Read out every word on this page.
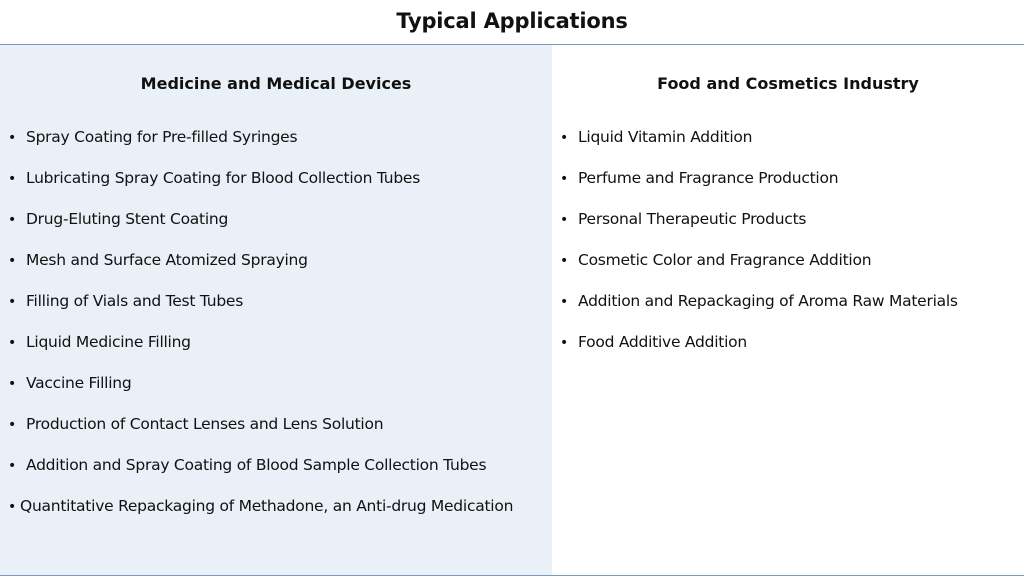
Typical Applications
Medicine and Medical Devices
• Spray Coating for Pre-filled Syringes
• Lubricating Spray Coating for Blood Collection Tubes
• Drug-Eluting Stent Coating
• Mesh and Surface Atomized Spraying
• Filling of Vials and Test Tubes
• Liquid Medicine Filling
• Vaccine Filling
• Production of Contact Lenses and Lens Solution
• Addition and Spray Coating of Blood Sample Collection Tubes
• Quantitative Repackaging of Methadone, an Anti-drug Medication
Food and Cosmetics Industry
• Liquid Vitamin Addition
• Perfume and Fragrance Production
• Personal Therapeutic Products
• Cosmetic Color and Fragrance Addition
• Addition and Repackaging of Aroma Raw Materials
• Food Additive Addition
